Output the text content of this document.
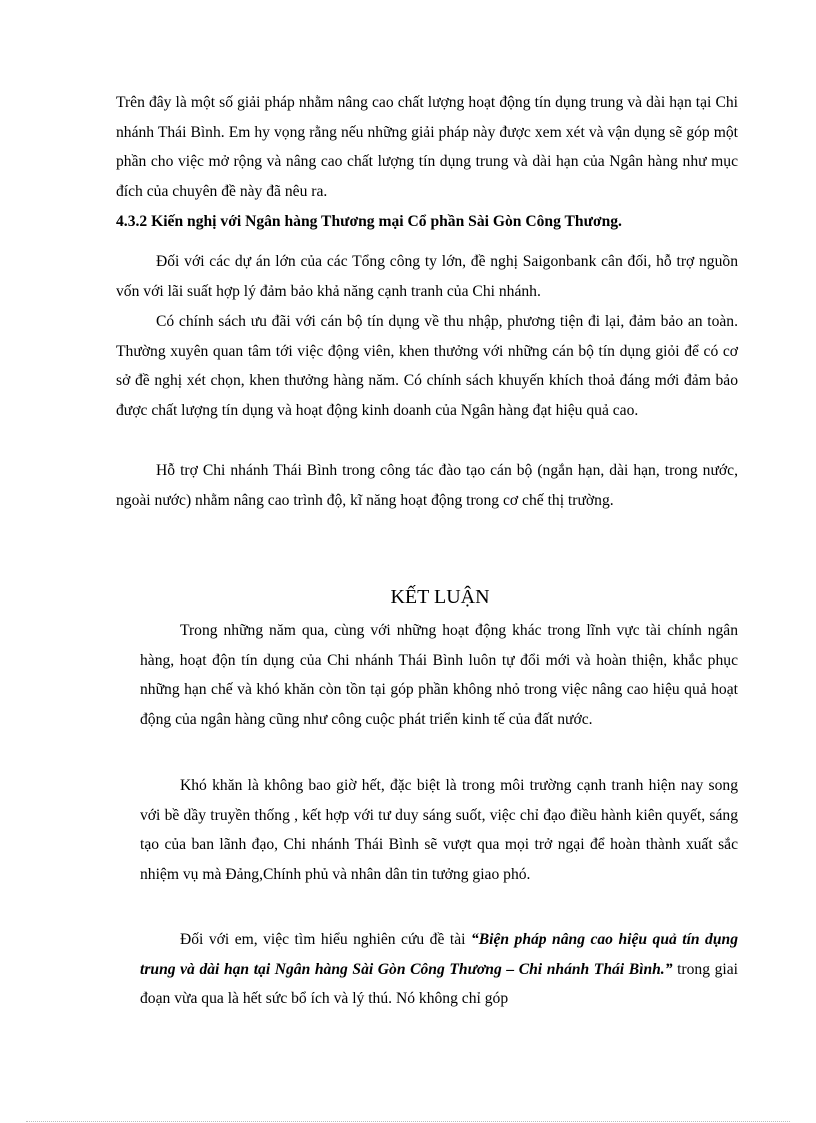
Trên đây là một số giải pháp nhằm nâng cao chất lượng hoạt động tín dụng trung và dài hạn tại Chi nhánh Thái Bình. Em hy vọng rằng nếu những giải pháp này được xem xét và vận dụng sẽ góp một phần cho việc mở rộng và nâng cao chất lượng tín dụng trung và dài hạn của Ngân hàng như mục đích của chuyên đề này đã nêu ra.

4.3.2 Kiến nghị với Ngân hàng Thương mại Cổ phần Sài Gòn Công Thương.

Đối với các dự án lớn của các Tổng công ty lớn, đề nghị Saigonbank cân đối, hỗ trợ nguồn vốn với lãi suất hợp lý đảm bảo khả năng cạnh tranh của Chi nhánh.

Có chính sách ưu đãi với cán bộ tín dụng về thu nhập, phương tiện đi lại, đảm bảo an toàn. Thường xuyên quan tâm tới việc động viên, khen thưởng với những cán bộ tín dụng giỏi để có cơ sở đề nghị xét chọn, khen thưởng hàng năm. Có chính sách khuyến khích thoả đáng mới đảm bảo được chất lượng tín dụng và hoạt động kinh doanh của Ngân hàng đạt hiệu quả cao.

Hỗ trợ Chi nhánh Thái Bình trong công tác đào tạo cán bộ (ngắn hạn, dài hạn, trong nước, ngoài nước) nhằm nâng cao trình độ, kĩ năng hoạt động trong cơ chế thị trường.

KẾT LUẬN

Trong những năm qua, cùng với những hoạt động khác trong lĩnh vực tài chính ngân hàng, hoạt độn tín dụng của Chi nhánh Thái Bình luôn tự đổi mới và hoàn thiện, khắc phục những hạn chế và khó khăn còn tồn tại góp phần không nhỏ trong việc nâng cao hiệu quả hoạt động của ngân hàng cũng như công cuộc phát triển kinh tế của đất nước.

Khó khăn là không bao giờ hết, đặc biệt là trong môi trường cạnh tranh hiện nay song với bề dầy truyền thống , kết hợp với tư duy sáng suốt, việc chỉ đạo điều hành kiên quyết, sáng tạo của ban lãnh đạo, Chi nhánh Thái Bình sẽ vượt qua mọi trở ngại để hoàn thành xuất sắc nhiệm vụ mà Đảng,Chính phủ và nhân dân tin tưởng giao phó.

Đối với em, việc tìm hiểu nghiên cứu đề tài “Biện pháp nâng cao hiệu quả tín dụng trung và dài hạn tại Ngân hàng Sài Gòn Công Thương – Chi nhánh Thái Bình.” trong giai đoạn vừa qua là hết sức bổ ích và lý thú. Nó không chỉ góp
